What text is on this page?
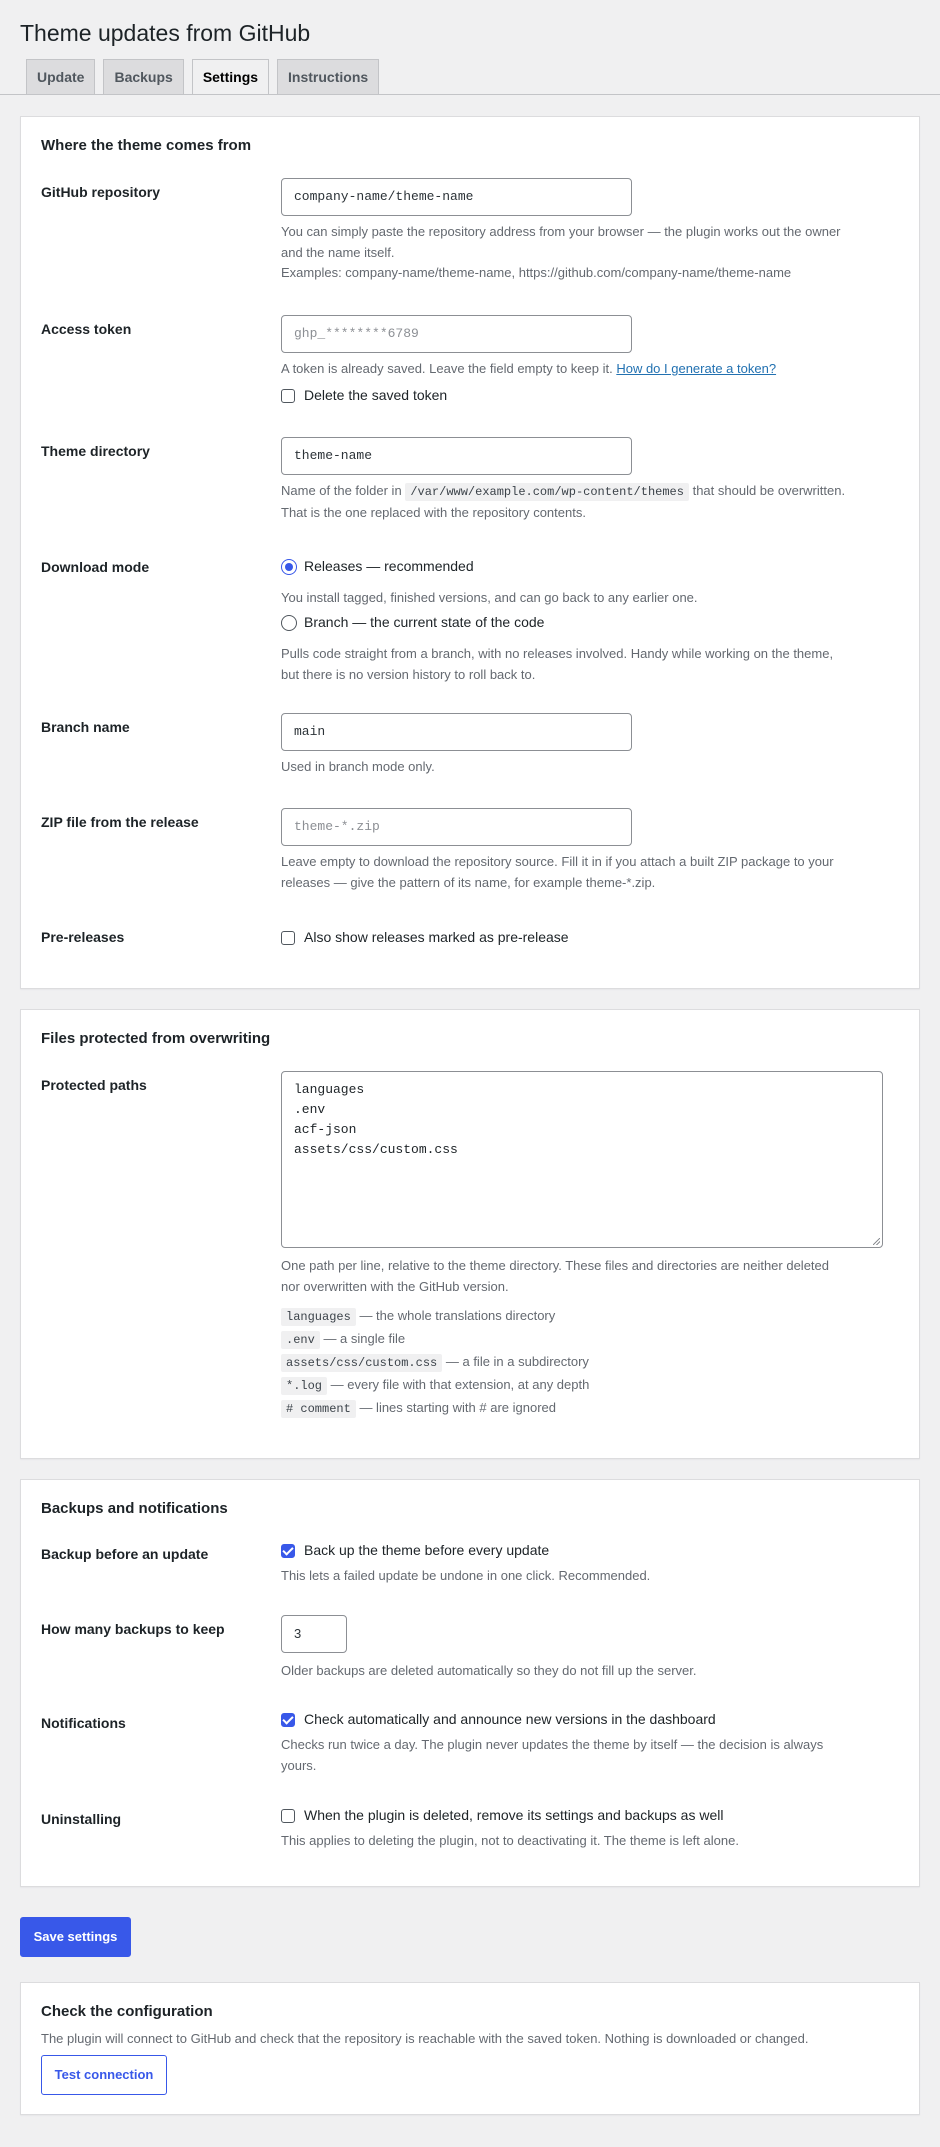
Theme updates from GitHub
Update	Backups	Settings	Instructions
Where the theme comes from
GitHub repository	company-name/theme-name
You can simply paste the repository address from your browser — the plugin works out the owner
and the name itself.
Examples: company-name/theme-name, https://github.com/company-name/theme-name
Access token	ghp_********6789
A token is already saved. Leave the field empty to keep it. How do I generate a token?
Delete the saved token
Theme directory	theme-name
Name of the folder in /var/www/example.com/wp-content/themes that should be overwritten.
That is the one replaced with the repository contents.
Download mode	Releases — recommended
You install tagged, finished versions, and can go back to any earlier one.
Branch — the current state of the code
Pulls code straight from a branch, with no releases involved. Handy while working on the theme,
but there is no version history to roll back to.
Branch name	main
Used in branch mode only.
ZIP file from the release	theme-*.zip
Leave empty to download the repository source. Fill it in if you attach a built ZIP package to your
releases — give the pattern of its name, for example theme-*.zip.
Pre-releases	Also show releases marked as pre-release
Files protected from overwriting
Protected paths	languages
.env
acf-json
assets/css/custom.css
One path per line, relative to the theme directory. These files and directories are neither deleted
nor overwritten with the GitHub version.
languages — the whole translations directory
.env — a single file
assets/css/custom.css — a file in a subdirectory
*.log — every file with that extension, at any depth
# comment — lines starting with # are ignored
Backups and notifications
Backup before an update	Back up the theme before every update
This lets a failed update be undone in one click. Recommended.
How many backups to keep	3
Older backups are deleted automatically so they do not fill up the server.
Notifications	Check automatically and announce new versions in the dashboard
Checks run twice a day. The plugin never updates the theme by itself — the decision is always
yours.
Uninstalling	When the plugin is deleted, remove its settings and backups as well
This applies to deleting the plugin, not to deactivating it. The theme is left alone.
Save settings
Check the configuration
The plugin will connect to GitHub and check that the repository is reachable with the saved token. Nothing is downloaded or changed.
Test connection
